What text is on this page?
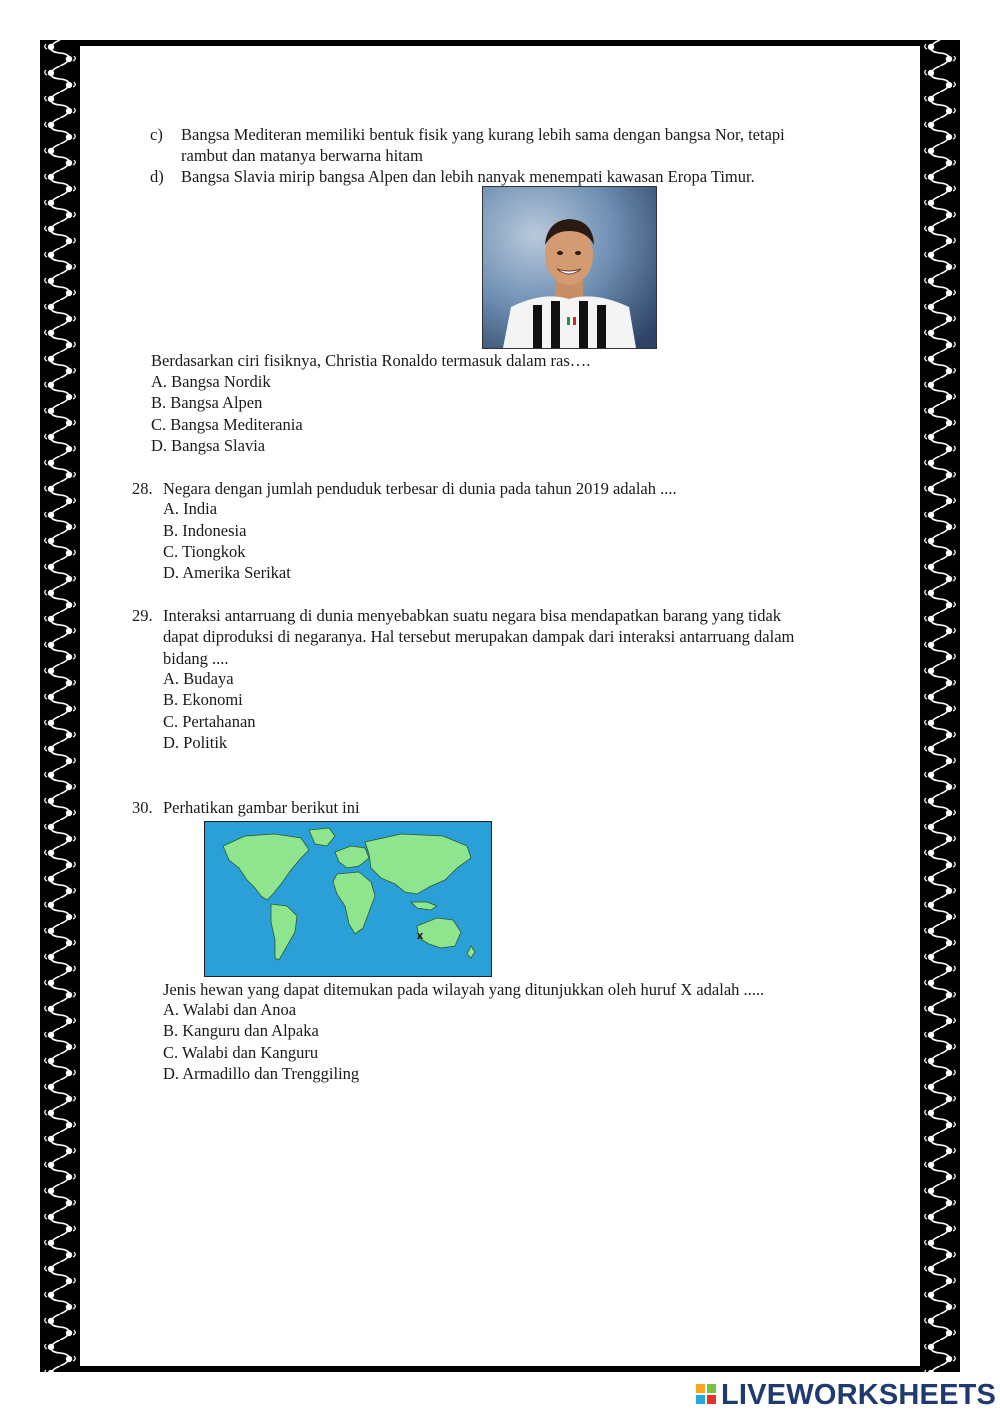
c) Bangsa Mediteran memiliki bentuk fisik yang kurang lebih sama dengan bangsa Nor, tetapi
rambut dan matanya berwarna hitam
d) Bangsa Slavia mirip bangsa Alpen dan lebih nanyak menempati kawasan Eropa Timur.
Berdasarkan ciri fisiknya, Christia Ronaldo termasuk dalam ras….
A. Bangsa Nordik
B. Bangsa Alpen
C. Bangsa Mediterania
D. Bangsa Slavia
28. Negara dengan jumlah penduduk terbesar di dunia pada tahun 2019 adalah ....
A. India
B. Indonesia
C. Tiongkok
D. Amerika Serikat
29. Interaksi antarruang di dunia menyebabkan suatu negara bisa mendapatkan barang yang tidak
dapat diproduksi di negaranya. Hal tersebut merupakan dampak dari interaksi antarruang dalam
bidang ....
A. Budaya
B. Ekonomi
C. Pertahanan
D. Politik
30. Perhatikan gambar berikut ini
x
Jenis hewan yang dapat ditemukan pada wilayah yang ditunjukkan oleh huruf X adalah .....
A. Walabi dan Anoa
B. Kanguru dan Alpaka
C. Walabi dan Kanguru
D. Armadillo dan Trenggiling
LIVEWORKSHEETS
